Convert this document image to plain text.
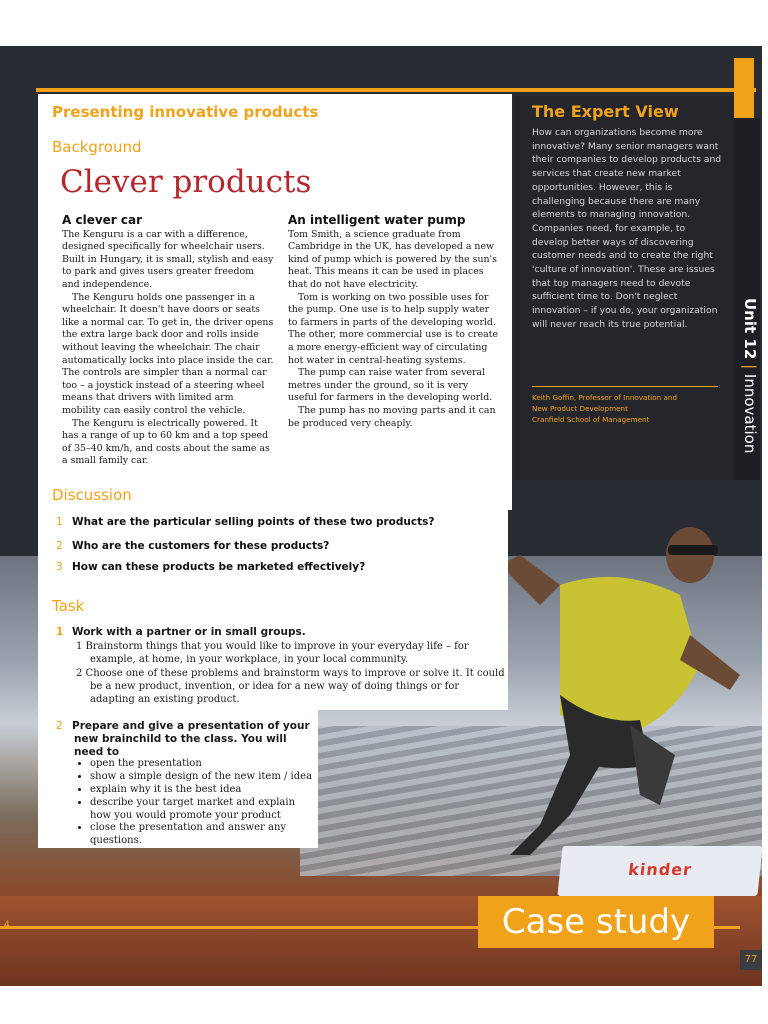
kinder
Presenting innovative products
Background
Clever products
A clever car

The Kenguru is a car with a difference, designed specifically for wheelchair users. Built in Hungary, it is small, stylish and easy to park and gives users greater freedom and independence.

The Kenguru holds one passenger in a wheelchair. It doesn't have doors or seats like a normal car. To get in, the driver opens the extra large back door and rolls inside without leaving the wheelchair. The chair automatically locks into place inside the car. The controls are simpler than a normal car too – a joystick instead of a steering wheel means that drivers with limited arm mobility can easily control the vehicle.

The Kenguru is electrically powered. It has a range of up to 60 km and a top speed of 35–40 km/h, and costs about the same as a small family car.

An intelligent water pump

Tom Smith, a science graduate from Cambridge in the UK, has developed a new kind of pump which is powered by the sun's heat. This means it can be used in places that do not have electricity.

Tom is working on two possible uses for the pump. One use is to help supply water to farmers in parts of the developing world. The other, more commercial use is to create a more energy-efficient way of circulating hot water in central-heating systems.

The pump can raise water from several metres under the ground, so it is very useful for farmers in the developing world.

The pump has no moving parts and it can be produced very cheaply.

Discussion
1 What are the particular selling points of these two products?
2 Who are the customers for these products?
3 How can these products be marketed effectively?
Task
1 Work with a partner or in small groups.
1 Brainstorm things that you would like to improve in your everyday life – for example, at home, in your workplace, in your local community.
2 Choose one of these problems and brainstorm ways to improve or solve it. It could be a new product, invention, or idea for a new way of doing things or for adapting an existing product.
2 Prepare and give a presentation of your new brainchild to the class. You will need to
• open the presentation
• show a simple design of the new item / idea
• explain why it is the best idea
• describe your target market and explain how you would promote your product
• close the presentation and answer any questions.
The Expert View
How can organizations become more innovative? Many senior managers want their companies to develop products and services that create new market opportunities. However, this is challenging because there are many elements to managing innovation. Companies need, for example, to develop better ways of discovering customer needs and to create the right 'culture of innovation'. These are issues that top managers need to devote sufficient time to. Don't neglect innovation – if you do, your organization will never reach its true potential.
Keith Goffin, Professor of Innovation and
New Product Development
Cranfield School of Management
Unit 12 | Innovation
4	Case study
77
